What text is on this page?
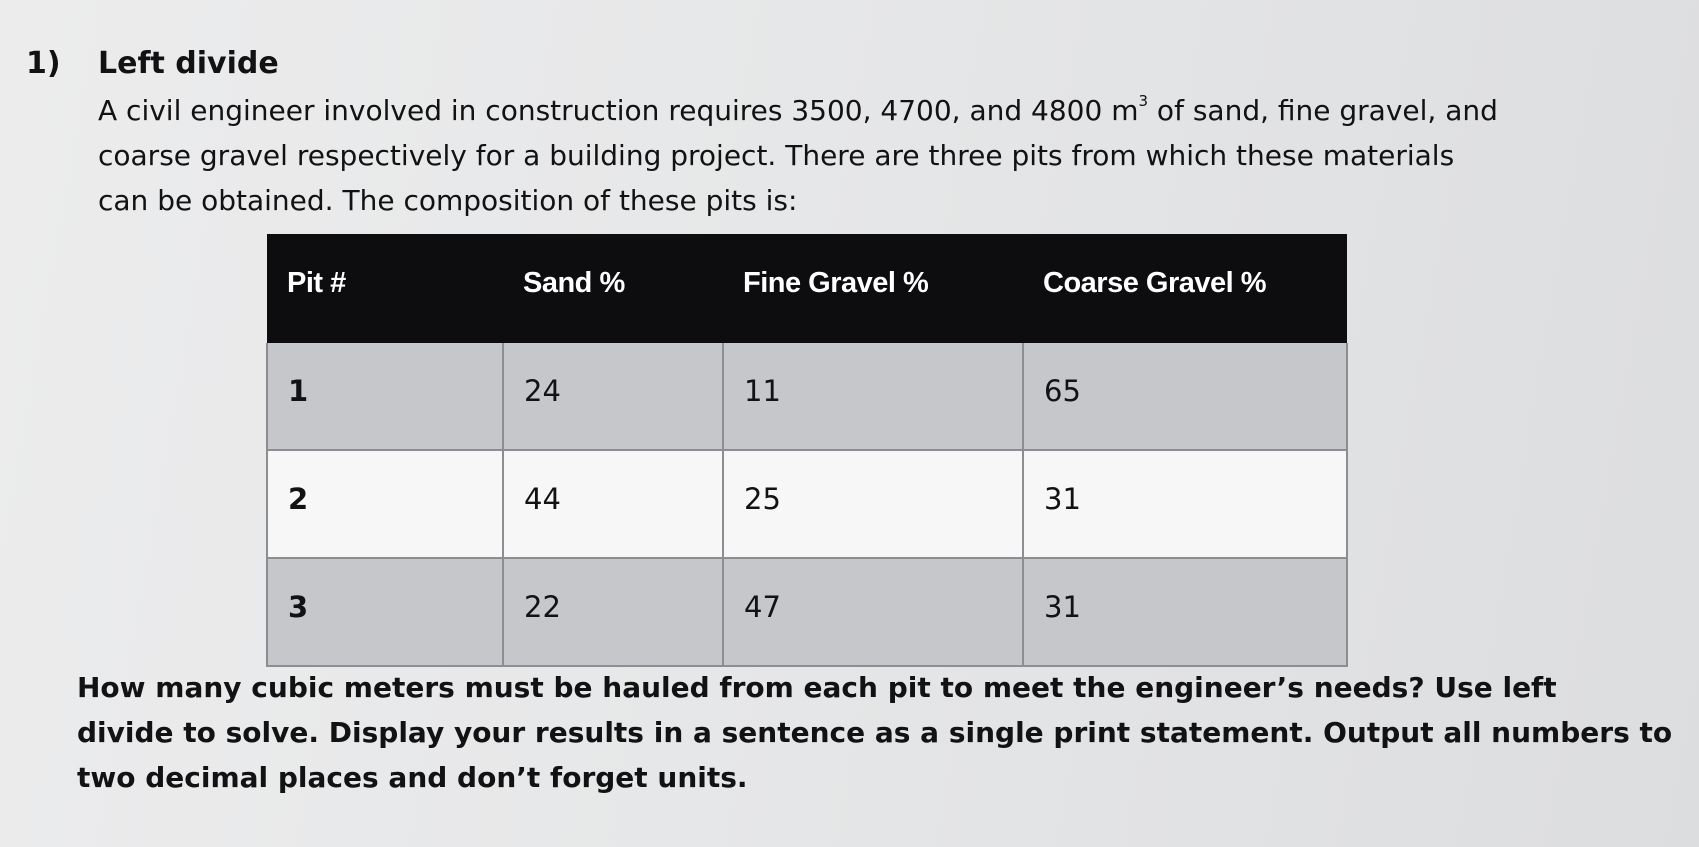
1) Left divide
A civil engineer involved in construction requires 3500, 4700, and 4800 $m^3$ of sand, fine gravel, and
coarse gravel respectively for a building project. There are three pits from which these materials
can be obtained. The composition of these pits is:
Pit #	Sand %	Fine Gravel %	Coarse Gravel %
1	24	11	65
2	44	25	31
3	22	47	31
How many cubic meters must be hauled from each pit to meet the engineer’s needs? Use left
divide to solve. Display your results in a sentence as a single print statement. Output all numbers to
two decimal places and don’t forget units.
